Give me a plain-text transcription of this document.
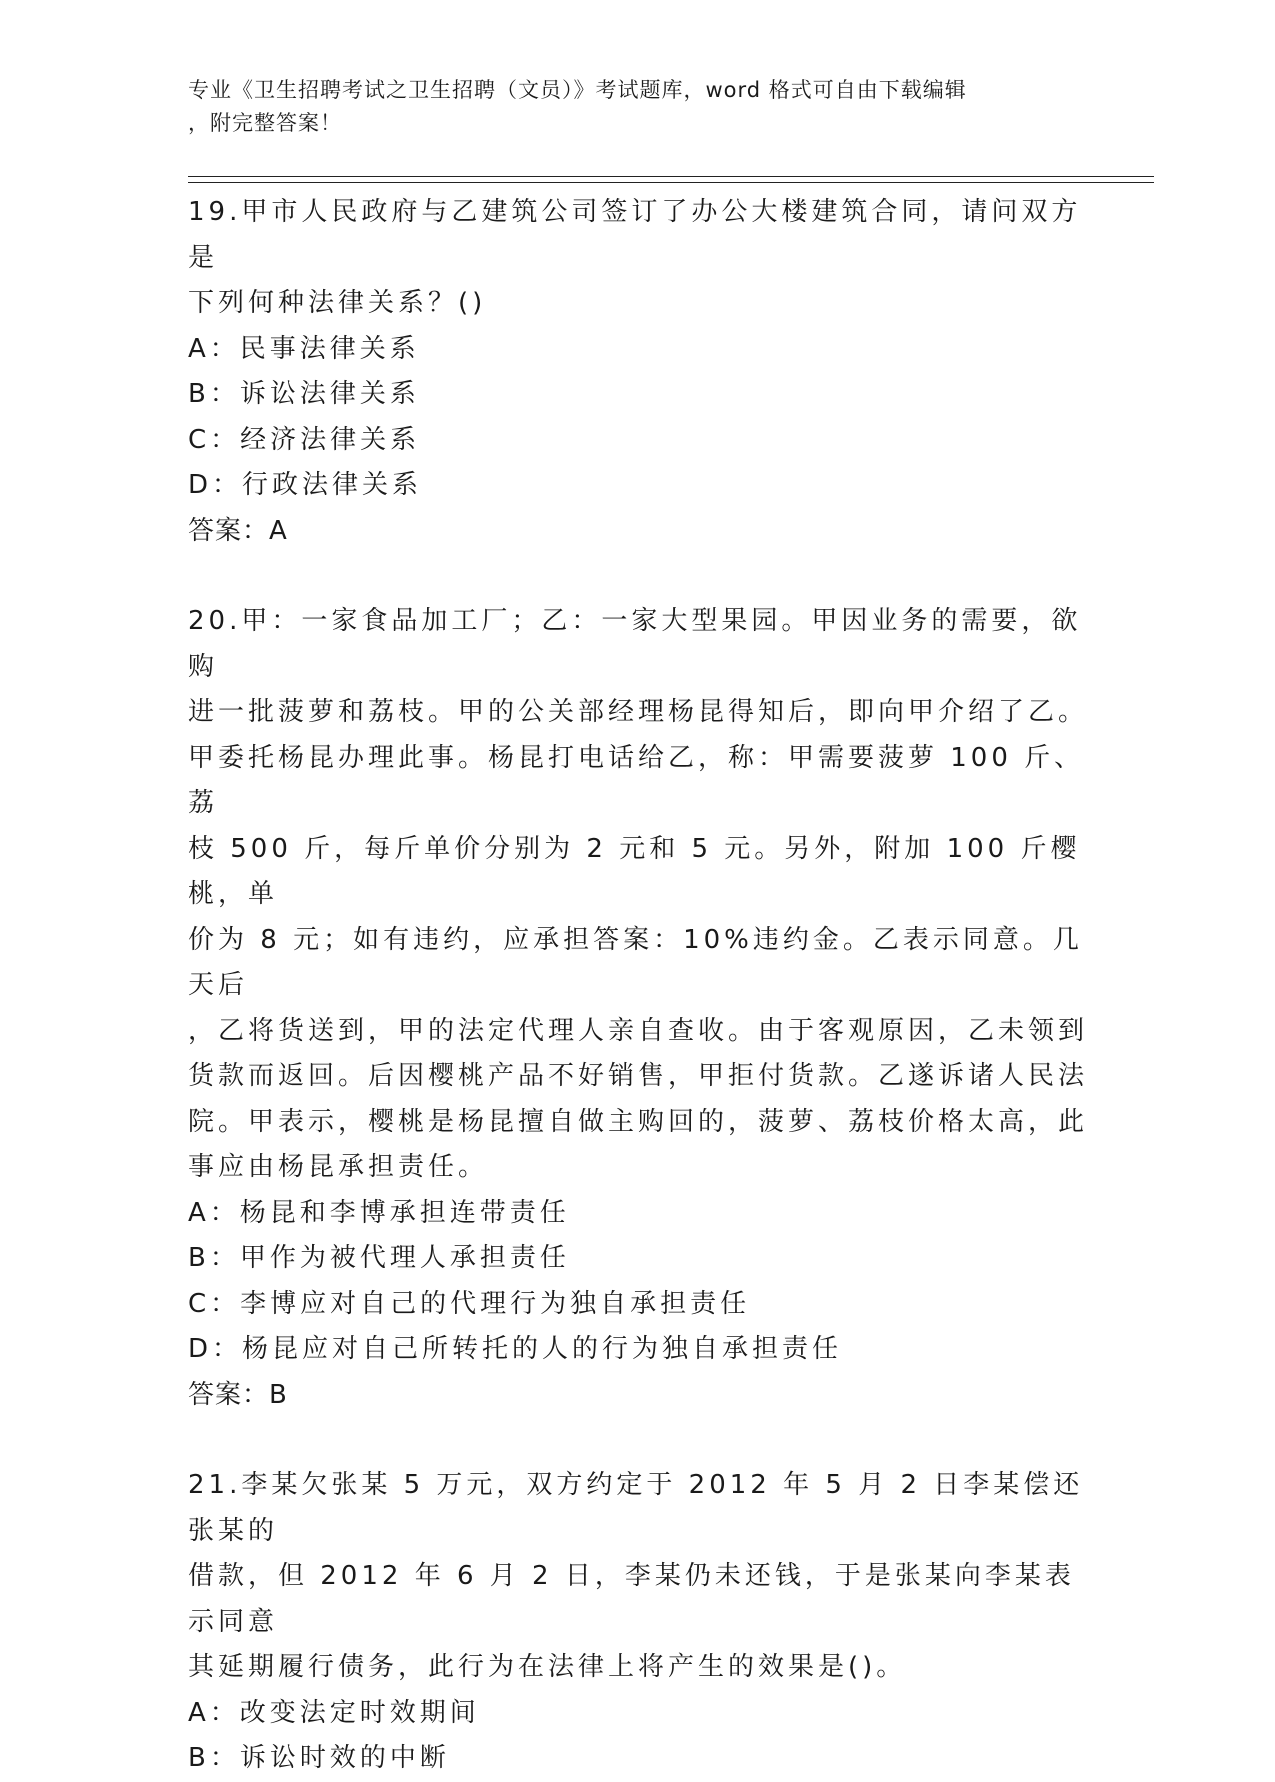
专业《卫生招聘考试之卫生招聘（文员）》考试题库，word 格式可自由下载编辑
，附完整答案！

19.甲市人民政府与乙建筑公司签订了办公大楼建筑合同，请问双方是

下列何种法律关系？()

A：民事法律关系

B：诉讼法律关系

C：经济法律关系

D：行政法律关系

答案：A

20.甲：一家食品加工厂；乙：一家大型果园。甲因业务的需要，欲购

进一批菠萝和荔枝。甲的公关部经理杨昆得知后，即向甲介绍了乙。

甲委托杨昆办理此事。杨昆打电话给乙，称：甲需要菠萝 100 斤、荔

枝 500 斤，每斤单价分别为 2 元和 5 元。另外，附加 100 斤樱桃，单

价为 8 元；如有违约，应承担答案：10%违约金。乙表示同意。几天后

，乙将货送到，甲的法定代理人亲自查收。由于客观原因，乙未领到

货款而返回。后因樱桃产品不好销售，甲拒付货款。乙遂诉诸人民法

院。甲表示，樱桃是杨昆擅自做主购回的，菠萝、荔枝价格太高，此

事应由杨昆承担责任。

A：杨昆和李博承担连带责任

B：甲作为被代理人承担责任

C：李博应对自己的代理行为独自承担责任

D：杨昆应对自己所转托的人的行为独自承担责任

答案：B

21.李某欠张某 5 万元，双方约定于 2012 年 5 月 2 日李某偿还张某的

借款，但 2012 年 6 月 2 日，李某仍未还钱，于是张某向李某表示同意

其延期履行债务，此行为在法律上将产生的效果是()。

A：改变法定时效期间

B：诉讼时效的中断
